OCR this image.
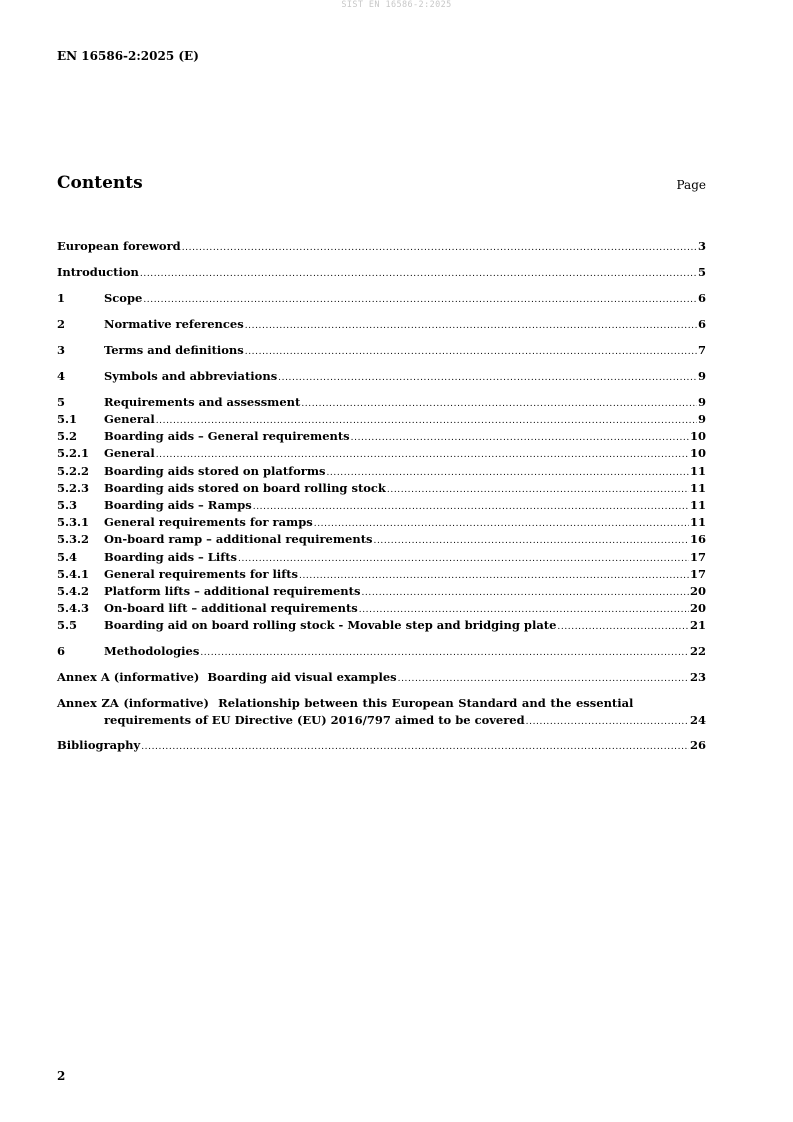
SIST EN 16586-2:2025
EN 16586-2:2025 (E)
Contents	Page
European foreword .....	3
Introduction .....	5
1	Scope .....	6
2	Normative references .....	6
3	Terms and definitions .....	7
4	Symbols and abbreviations .....	9
5	Requirements and assessment .....	9
5.1	General .....	9
5.2	Boarding aids – General requirements .....	10
5.2.1	General .....	10
5.2.2	Boarding aids stored on platforms .....	11
5.2.3	Boarding aids stored on board rolling stock .....	11
5.3	Boarding aids – Ramps .....	11
5.3.1	General requirements for ramps .....	11
5.3.2	On-board ramp – additional requirements .....	16
5.4	Boarding aids – Lifts .....	17
5.4.1	General requirements for lifts .....	17
5.4.2	Platform lifts – additional requirements .....	20
5.4.3	On-board lift – additional requirements .....	20
5.5	Boarding aid on board rolling stock - Movable step and bridging plate .....	21
6	Methodologies .....	22
Annex A (informative)  Boarding aid visual examples .....	23
Annex ZA (informative)  Relationship between this European Standard and the essential
requirements of EU Directive (EU) 2016/797 aimed to be covered .....	24
Bibliography .....	26
2
